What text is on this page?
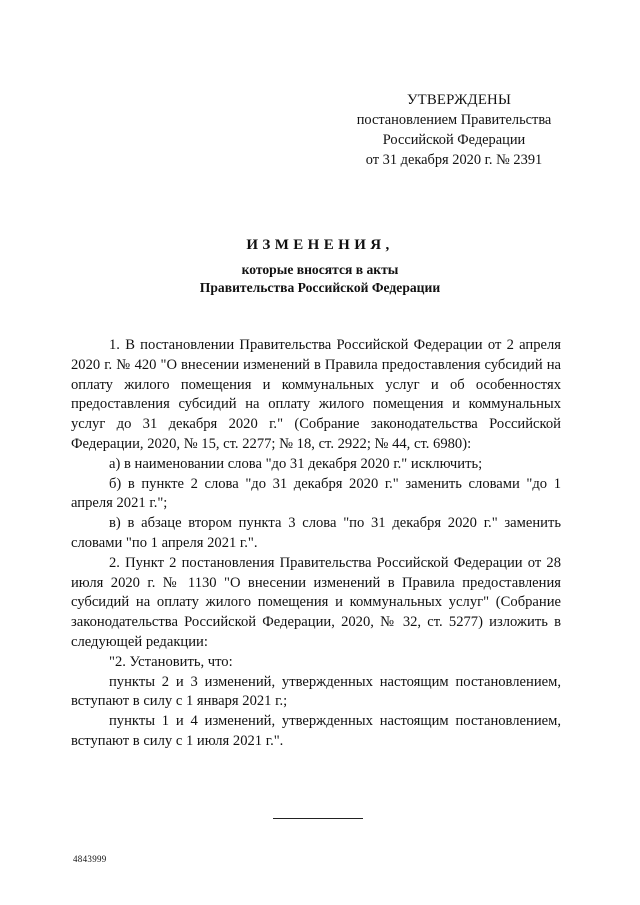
УТВЕРЖДЕНЫ
постановлением Правительства
Российской Федерации
от 31 декабря 2020 г. № 2391
ИЗМЕНЕНИЯ,
которые вносятся в акты
Правительства Российской Федерации

1. В постановлении Правительства Российской Федерации от 2 апреля 2020 г. № 420 "О внесении изменений в Правила предоставления субсидий на оплату жилого помещения и коммунальных услуг и об особенностях предоставления субсидий на оплату жилого помещения и коммунальных услуг до 31 декабря 2020 г." (Собрание законодательства Российской Федерации, 2020, № 15, ст. 2277; № 18, ст. 2922; № 44, ст. 6980):

а) в наименовании слова "до 31 декабря 2020 г." исключить;

б) в пункте 2 слова "до 31 декабря 2020 г." заменить словами "до 1 апреля 2021 г.";

в) в абзаце втором пункта 3 слова "по 31 декабря 2020 г." заменить словами "по 1 апреля 2021 г.".

2. Пункт 2 постановления Правительства Российской Федерации от 28 июля 2020 г. № 1130 "О внесении изменений в Правила предоставления субсидий на оплату жилого помещения и коммунальных услуг" (Собрание законодательства Российской Федерации, 2020, № 32, ст. 5277) изложить в следующей редакции:

"2. Установить, что:

пункты 2 и 3 изменений, утвержденных настоящим постановлением, вступают в силу с 1 января 2021 г.;

пункты 1 и 4 изменений, утвержденных настоящим постановлением, вступают в силу с 1 июля 2021 г.".

4843999
